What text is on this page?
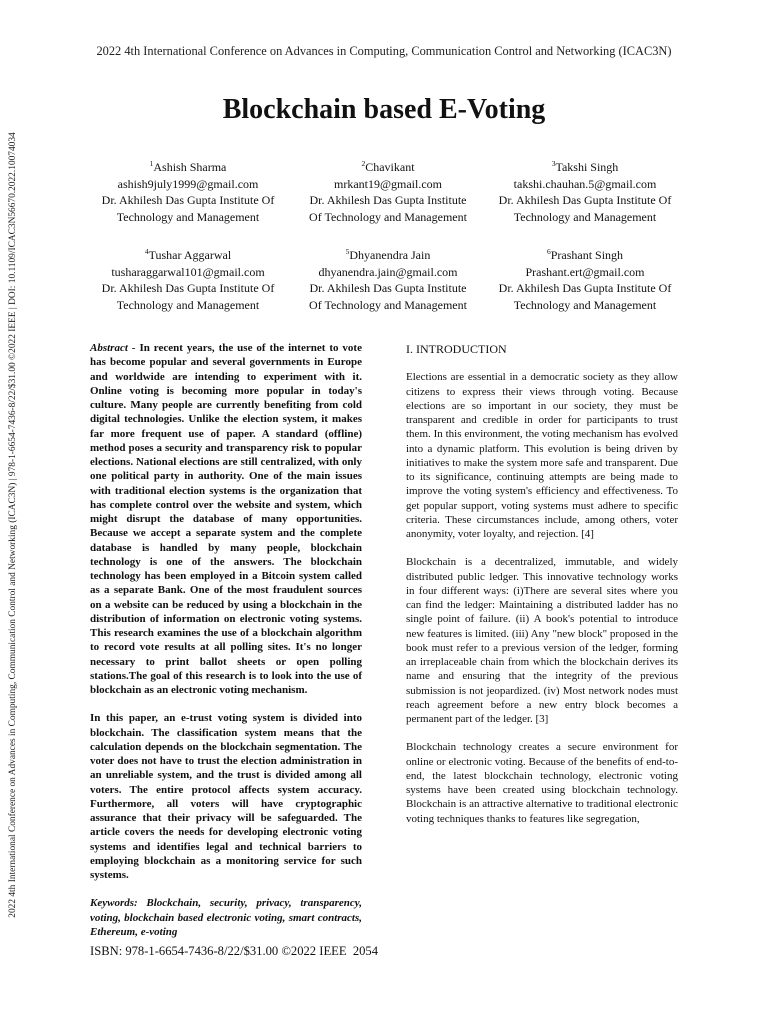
2022 4th International Conference on Advances in Computing, Communication Control and Networking (ICAC3N) | 978-1-6654-7436-8/22/$31.00 ©2022 IEEE | DOI: 10.1109/ICAC3N56670.2022.10074034
2022 4th International Conference on Advances in Computing, Communication Control and Networking (ICAC3N)
Blockchain based E-Voting
$^1$Ashish Sharma
ashish9july1999@gmail.com
Dr. Akhilesh Das Gupta Institute Of
Technology and Management
$^2$Chavikant
mrkant19@gmail.com
Dr. Akhilesh Das Gupta Institute
Of Technology and Management
$^3$Takshi Singh
takshi.chauhan.5@gmail.com
Dr. Akhilesh Das Gupta Institute Of
Technology and Management
$^4$Tushar Aggarwal
tusharaggarwal101@gmail.com
Dr. Akhilesh Das Gupta Institute Of
Technology and Management
$^5$Dhyanendra Jain
dhyanendra.jain@gmail.com
Dr. Akhilesh Das Gupta Institute
Of Technology and Management
$^6$Prashant Singh
Prashant.ert@gmail.com
Dr. Akhilesh Das Gupta Institute Of
Technology and Management

Abstract - In recent years, the use of the internet to vote has become popular and several governments in Europe and worldwide are intending to experiment with it. Online voting is becoming more popular in today's culture. Many people are currently benefiting from cold digital technologies. Unlike the election system, it makes far more frequent use of paper. A standard (offline) method poses a security and transparency risk to popular elections. National elections are still centralized, with only one political party in authority. One of the main issues with traditional election systems is the organization that has complete control over the website and system, which might disrupt the database of many opportunities. Because we accept a separate system and the complete database is handled by many people, blockchain technology is one of the answers. The blockchain technology has been employed in a Bitcoin system called as a separate Bank. One of the most fraudulent sources on a website can be reduced by using a blockchain in the distribution of information on electronic voting systems. This research examines the use of a blockchain algorithm to record vote results at all polling sites. It's no longer necessary to print ballot sheets or open polling stations.The goal of this research is to look into the use of blockchain as an electronic voting mechanism.

In this paper, an e-trust voting system is divided into blockchain. The classification system means that the calculation depends on the blockchain segmentation. The voter does not have to trust the election administration in an unreliable system, and the trust is divided among all voters. The entire protocol affects system accuracy. Furthermore, all voters will have cryptographic assurance that their privacy will be safeguarded. The article covers the needs for developing electronic voting systems and identifies legal and technical barriers to employing blockchain as a monitoring service for such systems.

Keywords: Blockchain, security, privacy, transparency, voting, blockchain based electronic voting, smart contracts, Ethereum, e-voting

I. INTRODUCTION

Elections are essential in a democratic society as they allow citizens to express their views through voting. Because elections are so important in our society, they must be transparent and credible in order for participants to trust them. In this environment, the voting mechanism has evolved into a dynamic platform. This evolution is being driven by initiatives to make the system more safe and transparent. Due to its significance, continuing attempts are being made to improve the voting system's efficiency and effectiveness. To get popular support, voting systems must adhere to specific criteria. These circumstances include, among others, voter anonymity, voter loyalty, and rejection. [4]

Blockchain is a decentralized, immutable, and widely distributed public ledger. This innovative technology works in four different ways: (i)There are several sites where you can find the ledger: Maintaining a distributed ladder has no single point of failure. (ii) A book's potential to introduce new features is limited. (iii) Any "new block" proposed in the book must refer to a previous version of the ledger, forming an irreplaceable chain from which the blockchain derives its name and ensuring that the integrity of the previous submission is not jeopardized. (iv) Most network nodes must reach agreement before a new entry block becomes a permanent part of the ledger. [3]

Blockchain technology creates a secure environment for online or electronic voting. Because of the benefits of end-to-end, the latest blockchain technology, electronic voting systems have been created using blockchain technology. Blockchain is an attractive alternative to traditional electronic voting techniques thanks to features like segregation,

ISBN: 978-1-6654-7436-8/22/$31.00 ©2022 IEEE  2054
